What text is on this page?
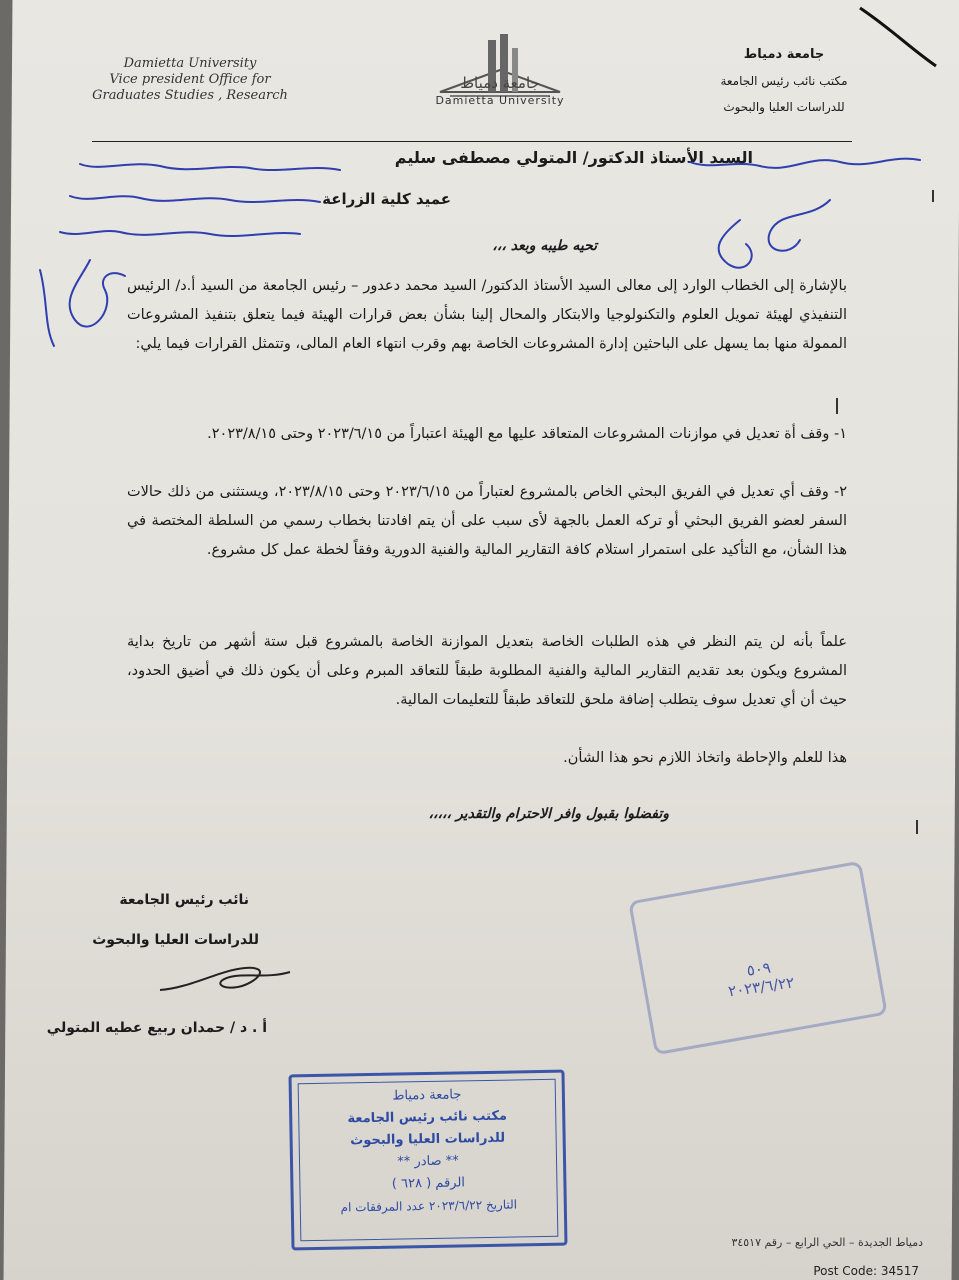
Damietta University
Vice president Office for
Graduates Studies , Research
جامعة دمياط
Damietta University
جامعة دمياط
مكتب نائب رئيس الجامعة
للدراسات العليا والبحوث
السيد الأستاذ الدكتور/ المتولي مصطفى سليم
عميد كلية الزراعة
تحيه طيبه وبعد ،،،
بالإشارة إلى الخطاب الوارد إلى معالى السيد الأستاذ الدكتور/ السيد محمد دعدور – رئيس الجامعة من السيد أ.د/ الرئيس التنفيذي لهيئة تمويل العلوم والتكنولوجيا والابتكار والمحال إلينا بشأن بعض قرارات الهيئة فيما يتعلق بتنفيذ المشروعات الممولة منها بما يسهل على الباحثين إدارة المشروعات الخاصة بهم وقرب انتهاء العام المالى، وتتمثل القرارات فيما يلي:
١- وقف أة تعديل في موازنات المشروعات المتعاقد عليها مع الهيئة اعتباراً من ٢٠٢٣/٦/١٥ وحتى ٢٠٢٣/٨/١٥.
٢- وقف أي تعديل في الفريق البحثي الخاص بالمشروع لعتباراً من ٢٠٢٣/٦/١٥ وحتى ٢٠٢٣/٨/١٥، ويستثنى من ذلك حالات السفر لعضو الفريق البحثي أو تركه العمل بالجهة لأى سبب على أن يتم افادتنا بخطاب رسمي من السلطة المختصة في هذا الشأن، مع التأكيد على استمرار استلام كافة التقارير المالية والفنية الدورية وفقاً لخطة عمل كل مشروع.
علماً بأنه لن يتم النظر في هذه الطلبات الخاصة بتعديل الموازنة الخاصة بالمشروع قبل ستة أشهر من تاريخ بداية المشروع ويكون بعد تقديم التقارير المالية والفنية المطلوبة طبقاً للتعاقد المبرم وعلى أن يكون ذلك في أضيق الحدود، حيث أن أي تعديل سوف يتطلب إضافة ملحق للتعاقد طبقاً للتعليمات المالية.
هذا للعلم والإحاطة واتخاذ اللازم نحو هذا الشأن.
وتفضلوا بقبول وافر الاحترام والتقدير ،،،،،
نائب رئيس الجامعة
للدراسات العليا والبحوث
أ . د / حمدان ربيع عطيه المتولي
٥٠٩
٢٠٢٣/٦/٢٢
جامعة دمياط
مكتب نائب رئيس الجامعة
للدراسات العليا والبحوث
** صادر **
الرقم ( ٦٢٨ )
التاريخ ٢٠٢٣/٦/٢٢ عدد المرفقات ام
دمياط الجديدة – الحي الرابع – رقم ٣٤٥١٧
Post Code: 34517
